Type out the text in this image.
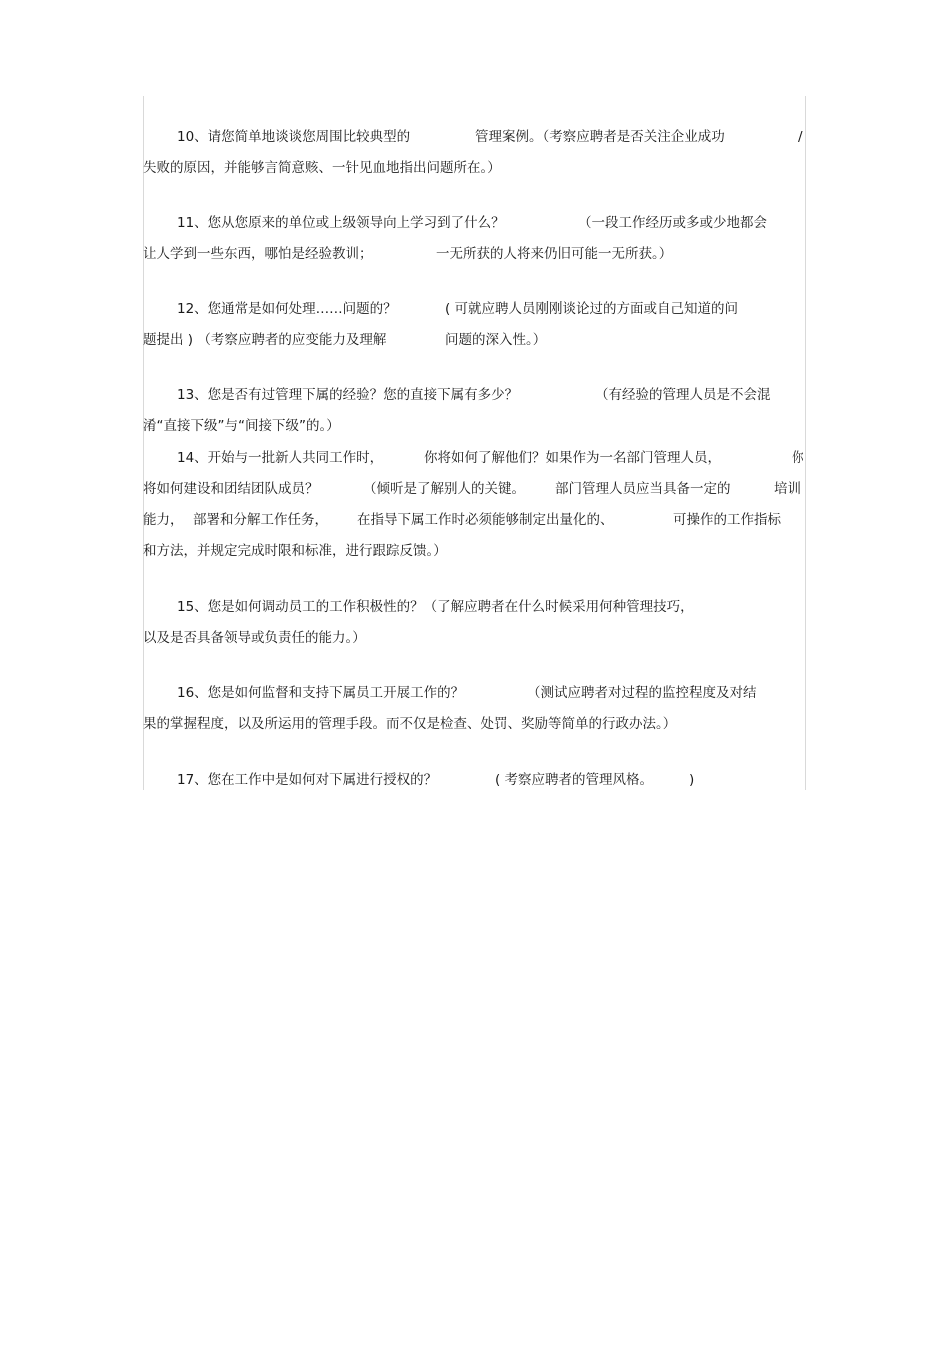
10、请您简单地谈谈您周围比较典型的	管理案例。（考察应聘者是否关注企业成功	/
失败的原因，并能够言简意赅、一针见血地指出问题所在。）
11、您从您原来的单位或上级领导向上学习到了什么？	（一段工作经历或多或少地都会
让人学到一些东西，哪怕是经验教训；	一无所获的人将来仍旧可能一无所获。）
12、您通常是如何处理……问题的？	( 可就应聘人员刚刚谈论过的方面或自己知道的问
题提出 ) （考察应聘者的应变能力及理解	问题的深入性。）
13、您是否有过管理下属的经验？您的直接下属有多少？	（有经验的管理人员是不会混
淆“直接下级”与“间接下级”的。）
14、开始与一批新人共同工作时，	你将如何了解他们？如果作为一名部门管理人员，	你
将如何建设和团结团队成员？	（倾听是了解别人的关键。 部门管理人员应当具备一定的	培训
能力， 部署和分解工作任务， 在指导下属工作时必须能够制定出量化的、	可操作的工作指标
和方法，并规定完成时限和标准，进行跟踪反馈。）
15、您是如何调动员工的工作积极性的？（了解应聘者在什么时候采用何种管理技巧，
以及是否具备领导或负责任的能力。）
16、您是如何监督和支持下属员工开展工作的？	（测试应聘者对过程的监控程度及对结
果的掌握程度，以及所运用的管理手段。而不仅是检查、处罚、奖励等简单的行政办法。）
17、您在工作中是如何对下属进行授权的？	( 考察应聘者的管理风格。	)
